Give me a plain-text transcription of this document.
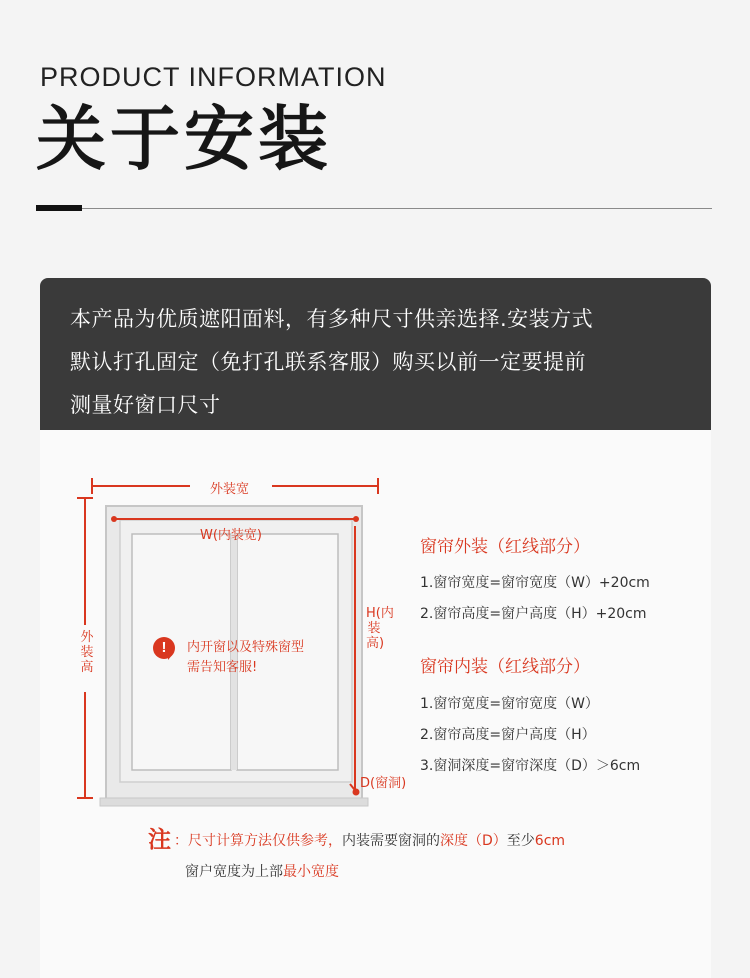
PRODUCT INFORMATION
关于安装

本产品为优质遮阳面料，有多种尺寸供亲选择.安装方式

默认打孔固定（免打孔联系客服）购买以前一定要提前

测量好窗口尺寸

外装宽
W(内装宽)
外装高
H(内装高)
D(窗洞)
!	内开窗以及特殊窗型
需告知客服!
窗帘外装（红线部分）
1.窗帘宽度=窗帘宽度（W）+20cm
2.窗帘高度=窗户高度（H）+20cm
窗帘内装（红线部分）
1.窗帘宽度=窗帘宽度（W）
2.窗帘高度=窗户高度（H）
3.窗洞深度=窗帘深度（D）＞6cm
注 ：尺寸计算方法仅供参考，内装需要窗洞的深度（D）至少6cm
窗户宽度为上部最小宽度
